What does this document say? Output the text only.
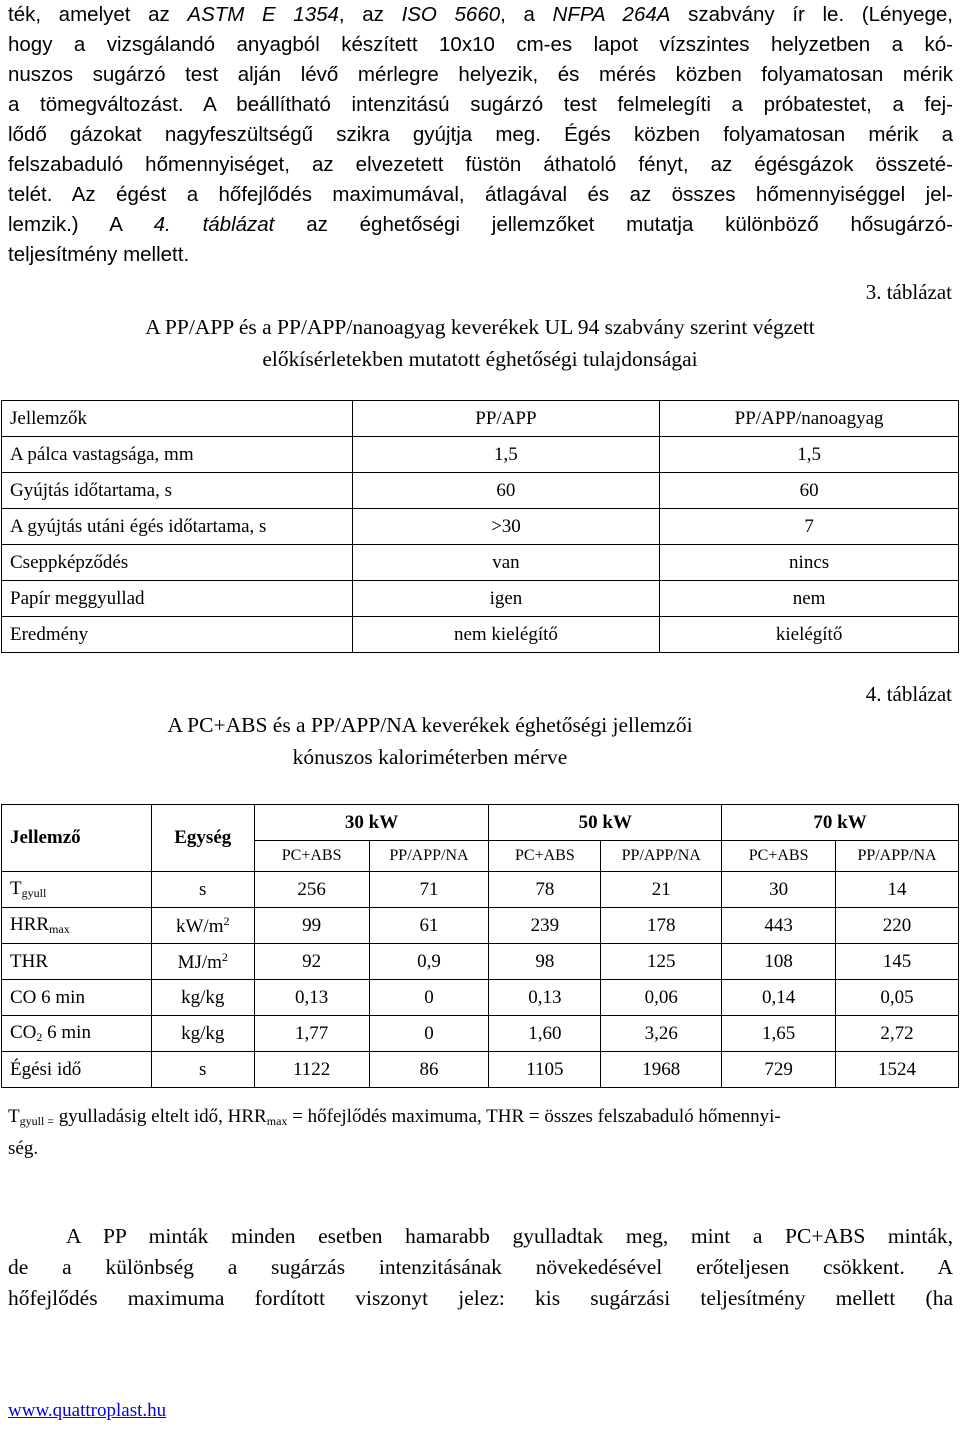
ték, amelyet az ASTM E 1354, az ISO 5660, a NFPA 264A szabvány ír le. (Lényege,
hogy a vizsgálandó anyagból készített 10x10 cm-es lapot vízszintes helyzetben a kó-
nuszos sugárzó test alján lévő mérlegre helyezik, és mérés közben folyamatosan mérik
a tömegváltozást. A beállítható intenzitású sugárzó test felmelegíti a próbatestet, a fej-
lődő gázokat nagyfeszültségű szikra gyújtja meg. Égés közben folyamatosan mérik a
felszabaduló hőmennyiséget, az elvezetett füstön áthatoló fényt, az égésgázok összeté-
telét. Az égést a hőfejlődés maximumával, átlagával és az összes hőmennyiséggel jel-
lemzik.) A 4. táblázat az éghetőségi jellemzőket mutatja különböző hősugárzó-
teljesítmény mellett.
3. táblázat
A PP/APP és a PP/APP/nanoagyag keverékek UL 94 szabvány szerint végzett
előkísérletekben mutatott éghetőségi tulajdonságai
Jellemzők	PP/APP	PP/APP/nanoagyag
A pálca vastagsága, mm	1,5	1,5
Gyújtás időtartama, s	60	60
A gyújtás utáni égés időtartama, s	>30	7
Cseppképződés	van	nincs
Papír meggyullad	igen	nem
Eredmény	nem kielégítő	kielégítő
4. táblázat
A PC+ABS és a PP/APP/NA keverékek éghetőségi jellemzői
kónuszos kaloriméterben mérve
Jellemző	Egység	30 kW		50 kW		70 kW	
		PC+ABS	PP/APP/NA	PC+ABS	PP/APP/NA	PC+ABS	PP/APP/NA
$T_{gyull}$	s	256	71	78	21	30	14
$HRR_{max}$	$kW/m^2$	99	61	239	178	443	220
THR	$MJ/m^2$	92	0,9	98	125	108	145
CO 6 min	kg/kg	0,13	0	0,13	0,06	0,14	0,05
$CO_2$ 6 min	kg/kg	1,77	0	1,60	3,26	1,65	2,72
Égési idő	s	1122	86	1105	1968	729	1524
$T_{gyull =}$ gyulladásig eltelt idő, $HRR_{max}$ = hőfejlődés maximuma, THR = összes felszabaduló hőmennyi-
ség.
A PP minták minden esetben hamarabb gyulladtak meg, mint a PC+ABS minták,
de a különbség a sugárzás intenzitásának növekedésével erőteljesen csökkent. A
hőfejlődés maximuma fordított viszonyt jelez: kis sugárzási teljesítmény mellett (ha
www.quattroplast.hu
